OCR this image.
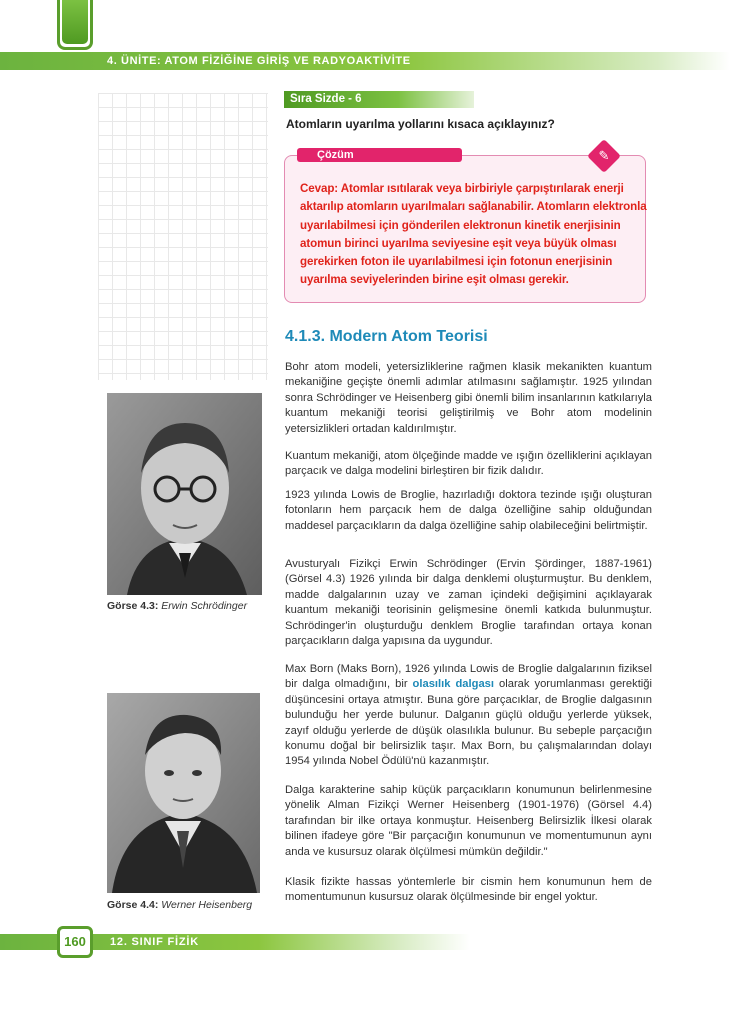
4. ÜNİTE: ATOM FİZİĞİNE GİRİŞ VE RADYOAKTİVİTE
Sıra Sizde - 6
Atomların uyarılma yollarını kısaca açıklayınız?
Çözüm	✎
Cevap: Atomlar ısıtılarak veya birbiriyle çarpıştırılarak enerji aktarılıp atomların uyarılmaları sağlanabilir. Atomların elektronla uyarılabilmesi için gönderilen elektronun kinetik enerjisinin atomun birinci uyarılma seviyesine eşit veya büyük olması gerekirken foton ile uyarılabilmesi için fotonun enerjisinin uyarılma seviyelerinden birine eşit olması gerekir.
4.1.3. Modern Atom Teorisi

Bohr atom modeli, yetersizliklerine rağmen klasik mekanikten kuantum mekaniğine geçişte önemli adımlar atılmasını sağlamıştır. 1925 yılından sonra Schrödinger ve Heisenberg gibi önemli bilim insanlarının katkılarıyla kuantum mekaniği teorisi geliştirilmiş ve Bohr atom modelinin yetersizlikleri ortadan kaldırılmıştır.

Kuantum mekaniği, atom ölçeğinde madde ve ışığın özelliklerini açıklayan parçacık ve dalga modelini birleştiren bir fizik dalıdır.

1923 yılında Lowis de Broglie, hazırladığı doktora tezinde ışığı oluşturan fotonların hem parçacık hem de dalga özelliğine sahip olduğundan maddesel parçacıkların da dalga özelliğine sahip olabileceğini belirtmiştir.

Avusturyalı Fizikçi Erwin Schrödinger (Ervin Şördinger, 1887-1961) (Görsel 4.3) 1926 yılında bir dalga denklemi oluşturmuştur. Bu denklem, madde dalgalarının uzay ve zaman içindeki değişimini açıklayarak kuantum mekaniği teorisinin gelişmesine önemli katkıda bulunmuştur. Schrödinger'in oluşturduğu denklem Broglie tarafından ortaya konan parçacıkların dalga yapısına da uygundur.

Max Born (Maks Born), 1926 yılında Lowis de Broglie dalgalarının fiziksel bir dalga olmadığını, bir olasılık dalgası olarak yorumlanması gerektiği düşüncesini ortaya atmıştır. Buna göre parçacıklar, de Broglie dalgasının bulunduğu her yerde bulunur. Dalganın güçlü olduğu yerlerde yüksek, zayıf olduğu yerlerde de düşük olasılıkla bulunur. Bu sebeple parçacığın konumu doğal bir belirsizlik taşır. Max Born, bu çalışmalarından dolayı 1954 yılında Nobel Ödülü'nü kazanmıştır.

Dalga karakterine sahip küçük parçacıkların konumunun belirlenmesine yönelik Alman Fizikçi Werner Heisenberg (1901-1976) (Görsel 4.4) tarafından bir ilke ortaya konmuştur. Heisenberg Belirsizlik İlkesi olarak bilinen ifadeye göre "Bir parçacığın konumunun ve momentumunun aynı anda ve kusursuz olarak ölçülmesi mümkün değildir."

Klasik fizikte hassas yöntemlerle bir cismin hem konumunun hem de momentumunun kusursuz olarak ölçülmesinde bir engel yoktur.

Görse 4.3: Erwin Schrödinger
Görse 4.4: Werner Heisenberg
160	12. SINIF FİZİK
